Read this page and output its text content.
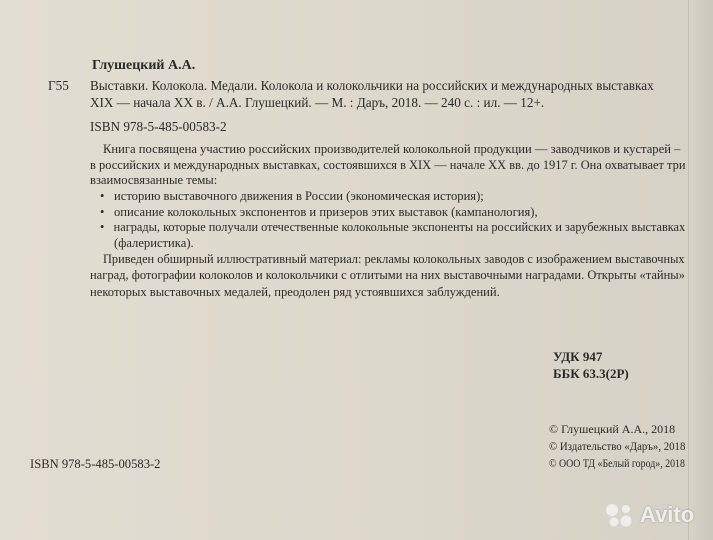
Глушецкий А.А.
Г55 Выставки. Колокола. Медали. Колокола и колокольчики на российских и международных выставках
XIX — начала XX в. / А.А. Глушецкий. — М. : Даръ, 2018. — 240 с. : ил. — 12+.
ISBN 978-5-485-00583-2
Книга посвящена участию российских производителей колокольной продукции — заводчиков и кустарей –
в российских и международных выставках, состоявшихся в XIX — начале XX вв. до 1917 г. Она охватывает три
взаимосвязанные темы:
• историю выставочного движения в России (экономическая история);
• описание колокольных экспонентов и призеров этих выставок (кампанология),
• награды, которые получали отечественные колокольные экспоненты на российских и зарубежных выставках
(фалеристика).
Приведен обширный иллюстративный материал: рекламы колокольных заводов с изображением выставочных
наград, фотографии колоколов и колокольчики с отлитыми на них выставочными наградами. Открыты «тайны»
некоторых выставочных медалей, преодолен ряд устоявшихся заблуждений.
УДК 947
ББК 63.3(2Р)
ISBN 978-5-485-00583-2
© Глушецкий А.А., 2018
© Издательство «Даръ», 2018
© ООО ТД «Белый город», 2018
Avito
